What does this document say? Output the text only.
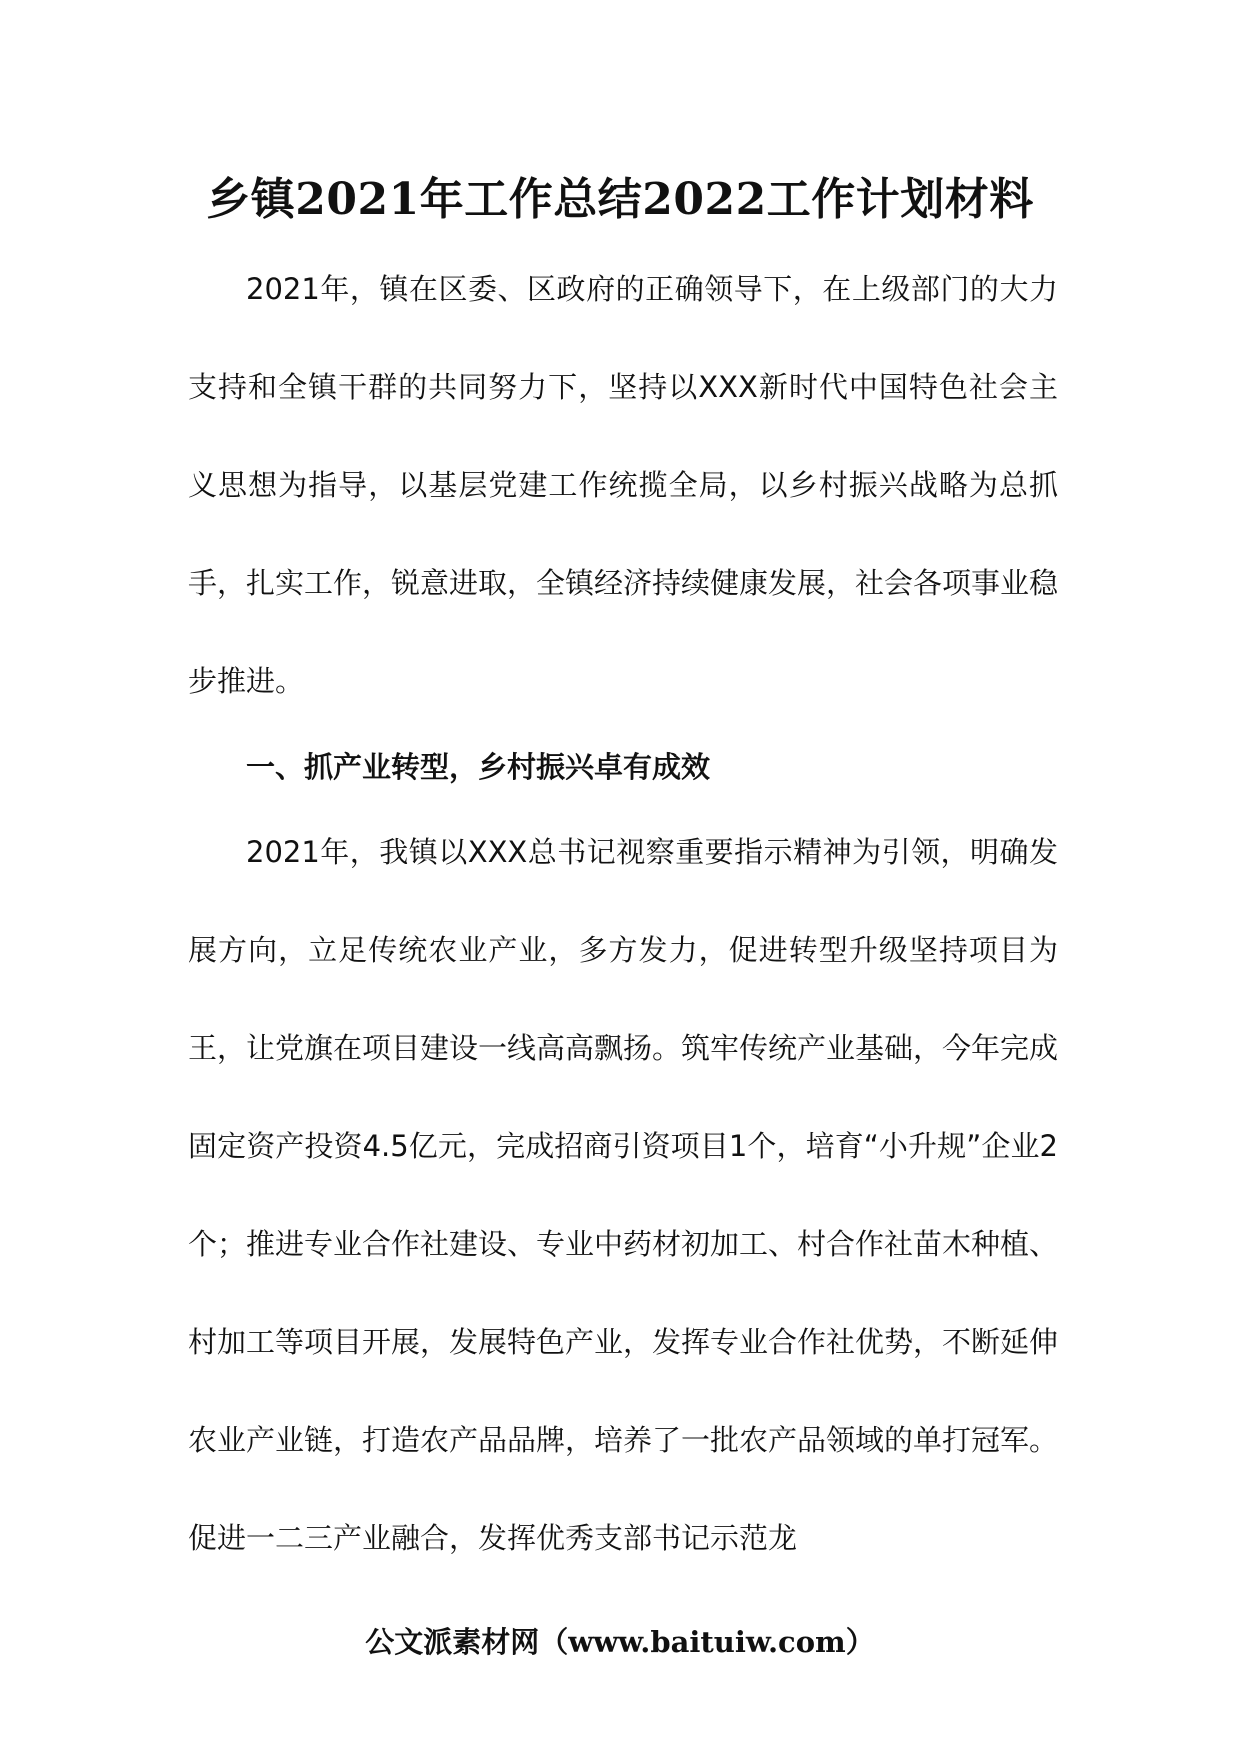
乡镇2021年工作总结2022工作计划材料

2021年，镇在区委、区政府的正确领导下，在上级部门的大力支持和全镇干群的共同努力下，坚持以XXX新时代中国特色社会主义思想为指导，以基层党建工作统揽全局，以乡村振兴战略为总抓手，扎实工作，锐意进取，全镇经济持续健康发展，社会各项事业稳步推进。

一、抓产业转型，乡村振兴卓有成效

2021年，我镇以XXX总书记视察重要指示精神为引领，明确发展方向，立足传统农业产业，多方发力，促进转型升级坚持项目为王，让党旗在项目建设一线高高飘扬。筑牢传统产业基础，今年完成固定资产投资4.5亿元，完成招商引资项目1个，培育“小升规”企业2个；推进专业合作社建设、专业中药材初加工、村合作社苗木种植、村加工等项目开展，发展特色产业，发挥专业合作社优势，不断延伸农业产业链，打造农产品品牌，培养了一批农产品领域的单打冠军。促进一二三产业融合，发挥优秀支部书记示范龙

公文派素材网（www.baituiw.com）
